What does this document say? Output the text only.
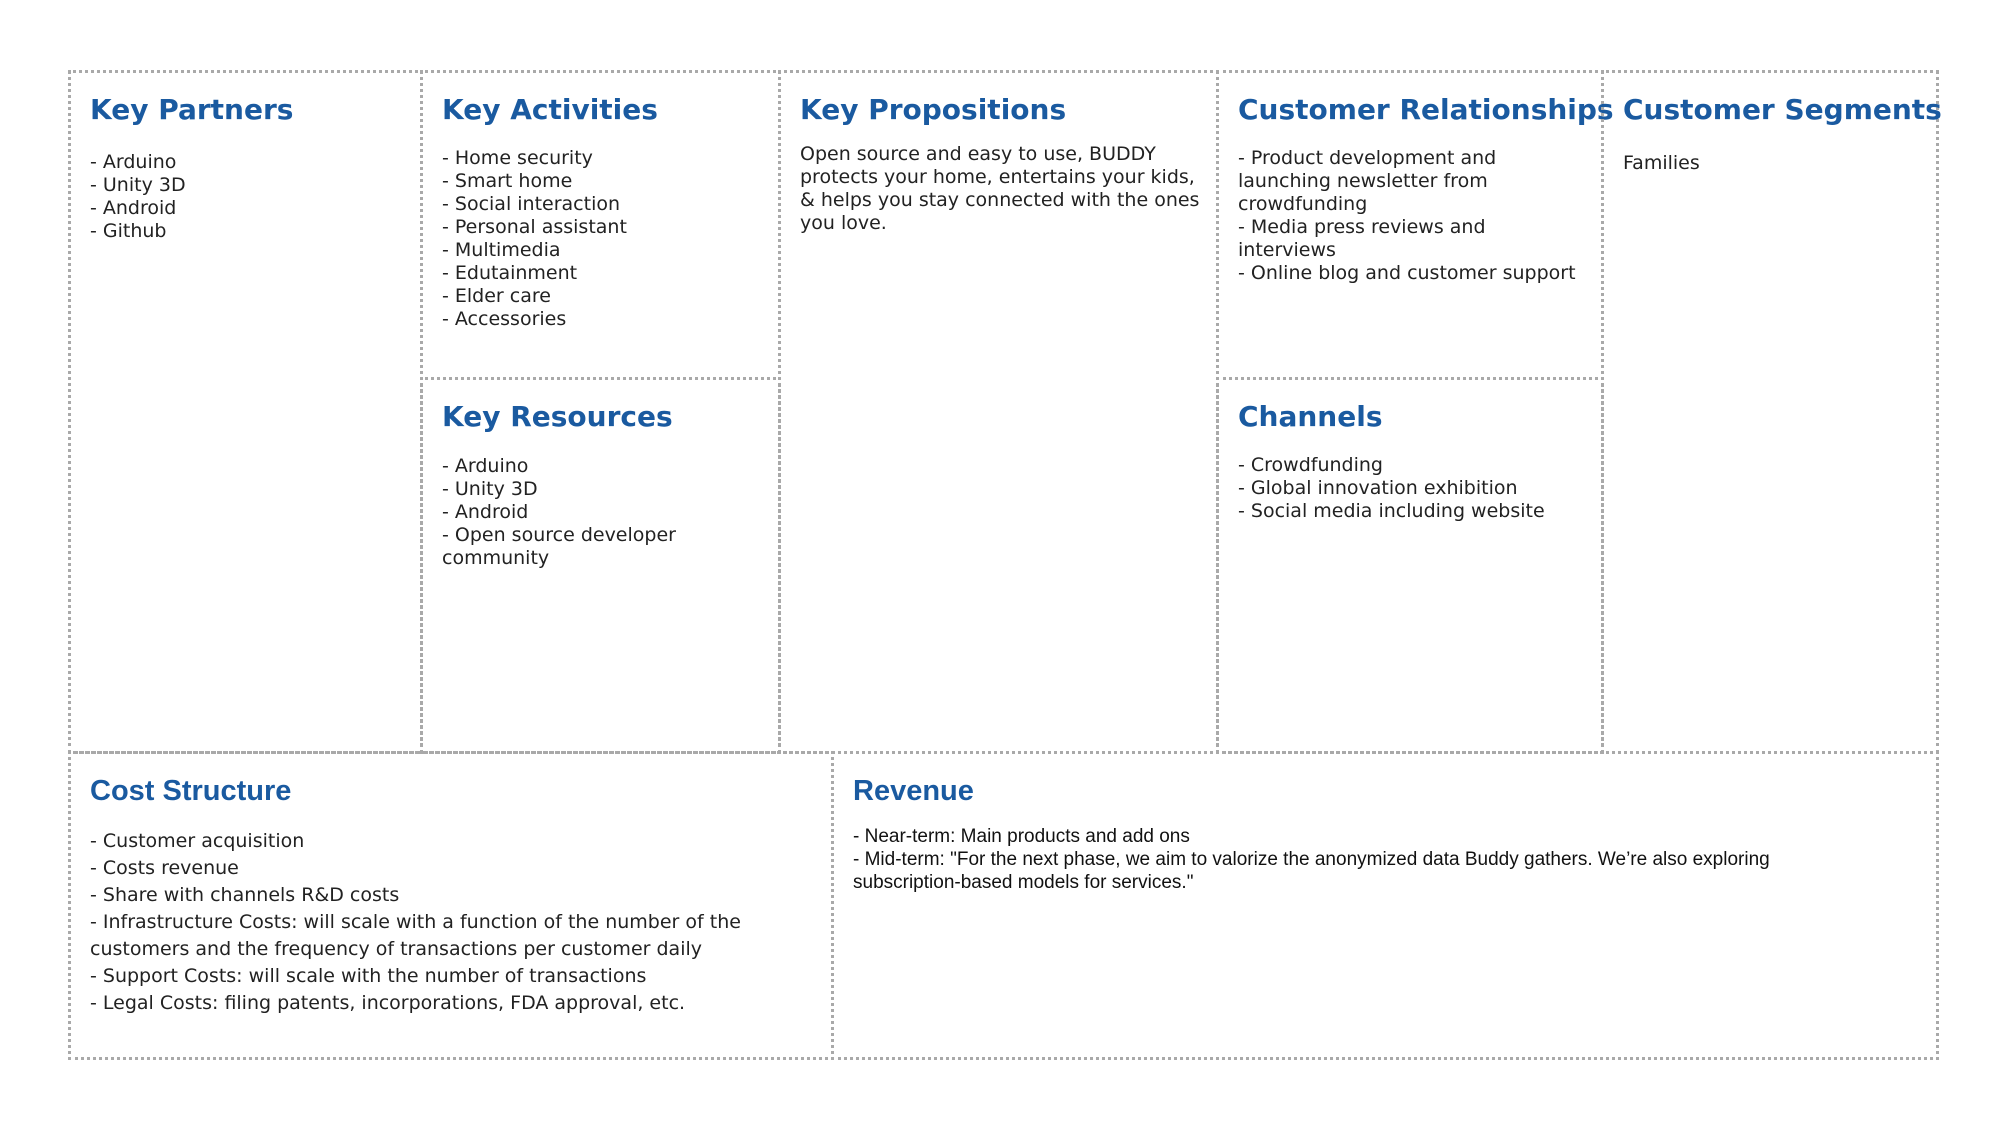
Key Partners
- Arduino
- Unity 3D
- Android
- Github
Key Activities
- Home security
- Smart home
- Social interaction
- Personal assistant
- Multimedia
- Edutainment
- Elder care
- Accessories
Key Resources
- Arduino
- Unity 3D
- Android
- Open source developer community
Key Propositions

Open source and easy to use, BUDDY protects your home, entertains your kids, & helps you stay connected with the ones you love.

Customer Relationships
- Product development and launching newsletter from crowdfunding
- Media press reviews and interviews
- Online blog and customer support
Channels
- Crowdfunding
- Global innovation exhibition
- Social media including website
Customer Segments

Families

Cost Structure
- Customer acquisition
- Costs revenue
- Share with channels R&D costs
- Infrastructure Costs: will scale with a function of the number of the customers and the frequency of transactions per customer daily
- Support Costs: will scale with the number of transactions
- Legal Costs: filing patents, incorporations, FDA approval, etc.
Revenue
- Near-term: Main products and add ons
- Mid-term: "For the next phase, we aim to valorize the anonymized data Buddy gathers. We’re also exploring subscription-based models for services."
